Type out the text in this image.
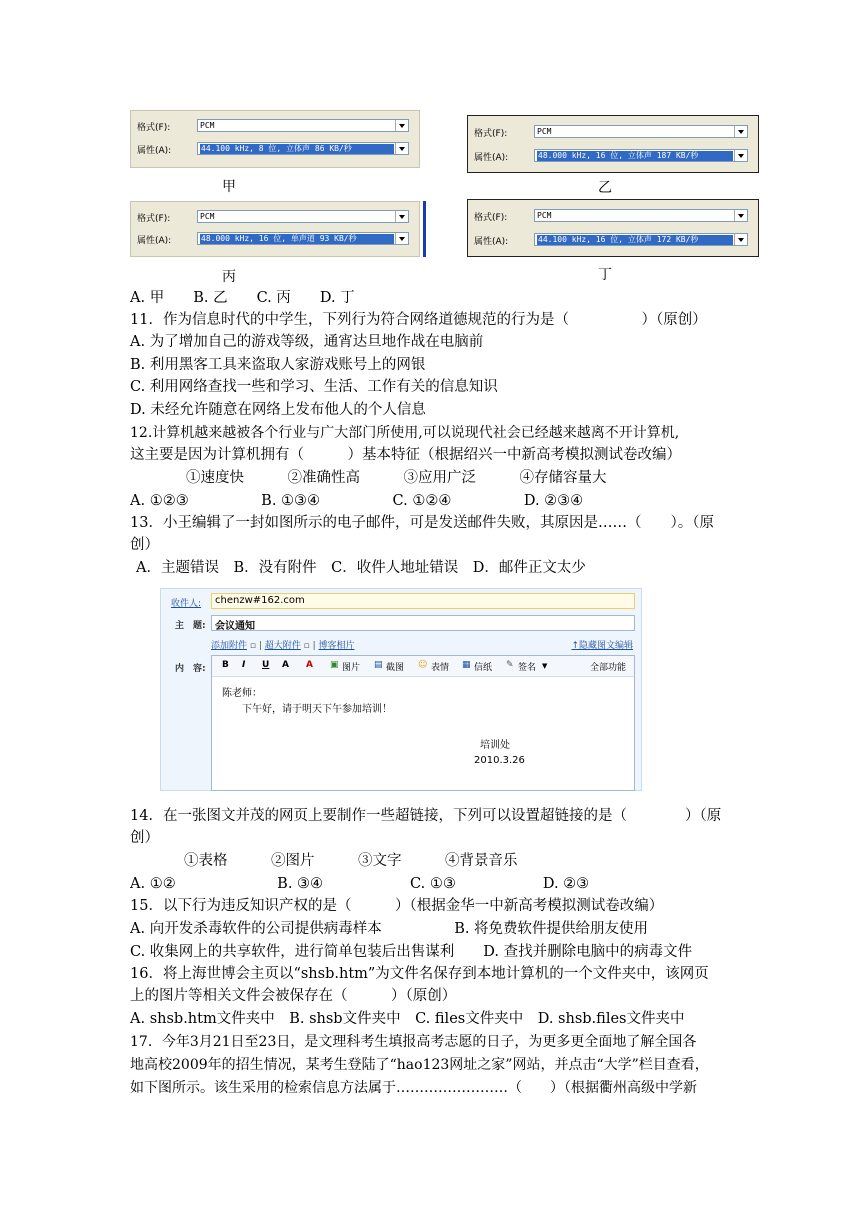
格式(F):	PCM
属性(A):	44.100 kHz, 8 位, 立体声 86 KB/秒
甲
格式(F):	PCM
属性(A):	48.000 kHz, 16 位, 立体声 187 KB/秒
乙
格式(F):	PCM
属性(A):	48.000 kHz, 16 位, 单声道 93 KB/秒
丙
格式(F):	PCM
属性(A):	44.100 kHz, 16 位, 立体声 172 KB/秒
丁
A. 甲　　B. 乙　　C. 丙　　D. 丁
11．作为信息时代的中学生，下列行为符合网络道德规范的行为是（　　　　　）（原创）
A. 为了增加自己的游戏等级，通宵达旦地作战在电脑前
B. 利用黑客工具来盗取人家游戏账号上的网银
C. 利用网络查找一些和学习、生活、工作有关的信息知识
D. 未经允许随意在网络上发布他人的个人信息
12.计算机越来越被各个行业与广大部门所使用,可以说现代社会已经越来越离不开计算机,
这主要是因为计算机拥有（　　　）基本特征（根据绍兴一中新高考模拟测试卷改编）
①速度快　　　②准确性高　　　③应用广泛　　　④存储容量大
A. ①②③　　　　　B. ①③④　　　　　C. ①②④　　　　　D. ②③④
13．小王编辑了一封如图所示的电子邮件，可是发送邮件失败，其原因是……（　　）。（原
创）
A．主题错误　B．没有附件　C．收件人地址错误　D．邮件正文太少
收件人: chenzw#162.com
主　题: 会议通知
添加附件 ▫ | 超大附件 ▫ | 博客相片	↑隐藏图文编辑
内　容: B I U A A ▣ 图片 ▤ 截图 ☺ 表情 ▦ 信纸 ✎ 签名 ▼	全部功能
陈老师：
下午好，请于明天下午参加培训！
培训处
2010.3.26
14．在一张图文并茂的网页上要制作一些超链接，下列可以设置超链接的是（　　　　）（原
创）
①表格　　　②图片　　　③文字　　　④背景音乐
A. ①②　　　　　　　B. ③④　　　　　　C. ①③　　　　　　D. ②③
15．以下行为违反知识产权的是（　　　）（根据金华一中新高考模拟测试卷改编）
A. 向开发杀毒软件的公司提供病毒样本　　　　　B. 将免费软件提供给朋友使用
C. 收集网上的共享软件，进行简单包装后出售谋利　　D. 查找并删除电脑中的病毒文件
16．将上海世博会主页以“shsb.htm”为文件名保存到本地计算机的一个文件夹中，该网页
上的图片等相关文件会被保存在（　　　）（原创）
A. shsb.htm文件夹中　B. shsb文件夹中　C. files文件夹中　D. shsb.files文件夹中
17．今年3月21日至23日，是文理科考生填报高考志愿的日子，为更多更全面地了解全国各
地高校2009年的招生情况，某考生登陆了“hao123网址之家”网站，并点击“大学”栏目查看，
如下图所示。该生采用的检索信息方法属于……………………（　　）（根据衢州高级中学新
